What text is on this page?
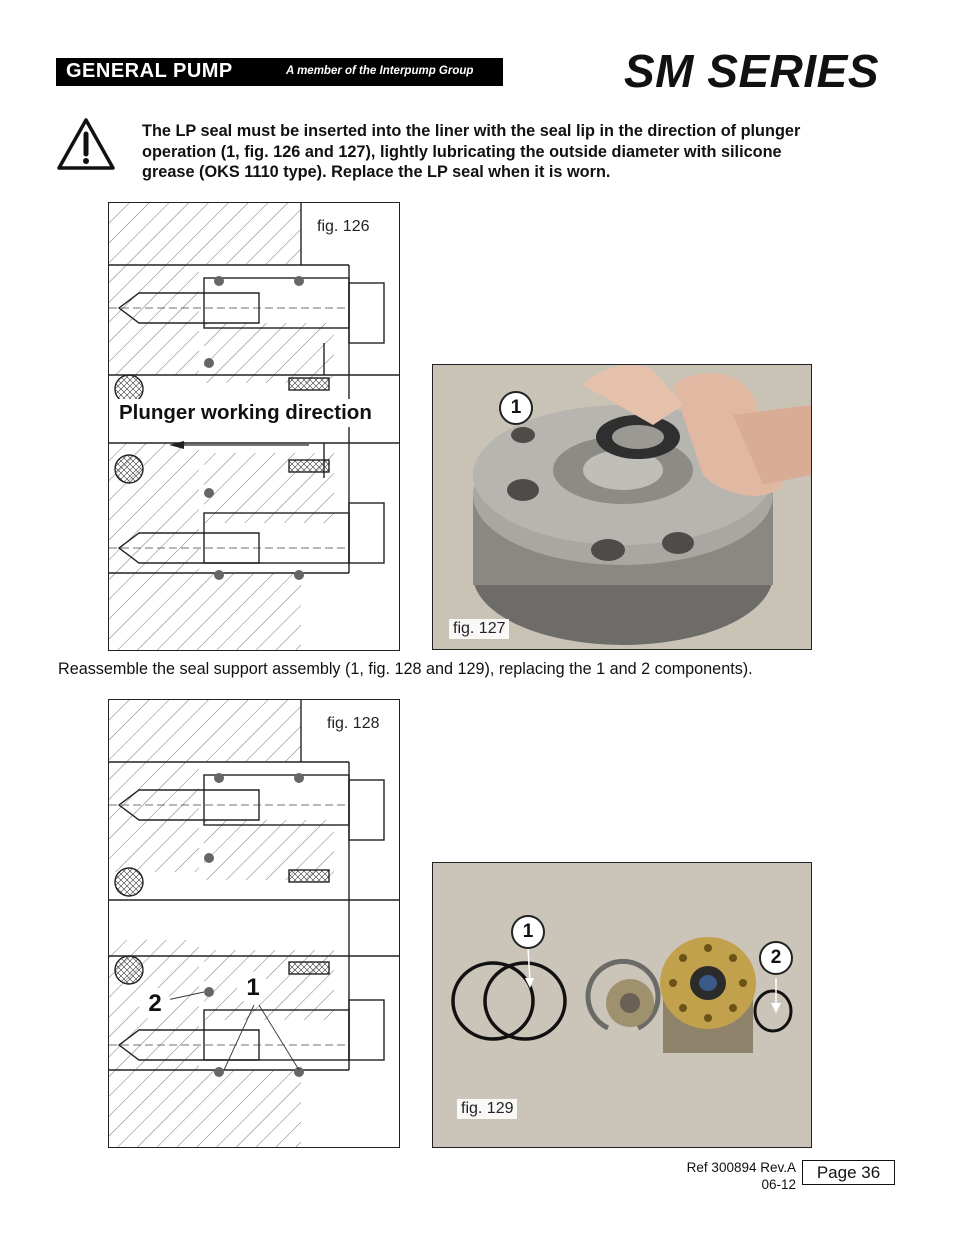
GENERAL PUMP	A member of the Interpump Group	SM SERIES
The LP seal must be inserted into the liner with the seal lip in the direction of plunger
operation (1, fig. 126 and 127), lightly lubricating the outside diameter with silicone
grease (OKS 1110 type). Replace the LP seal when it is worn.
fig. 126
Plunger working direction	1
fig. 127
Reassemble the seal support assembly (1, fig. 128 and 129), replacing the 1 and 2 components).
fig. 128
1
2
1
2
fig. 129
Ref 300894 Rev.A
06-12
Page 36
